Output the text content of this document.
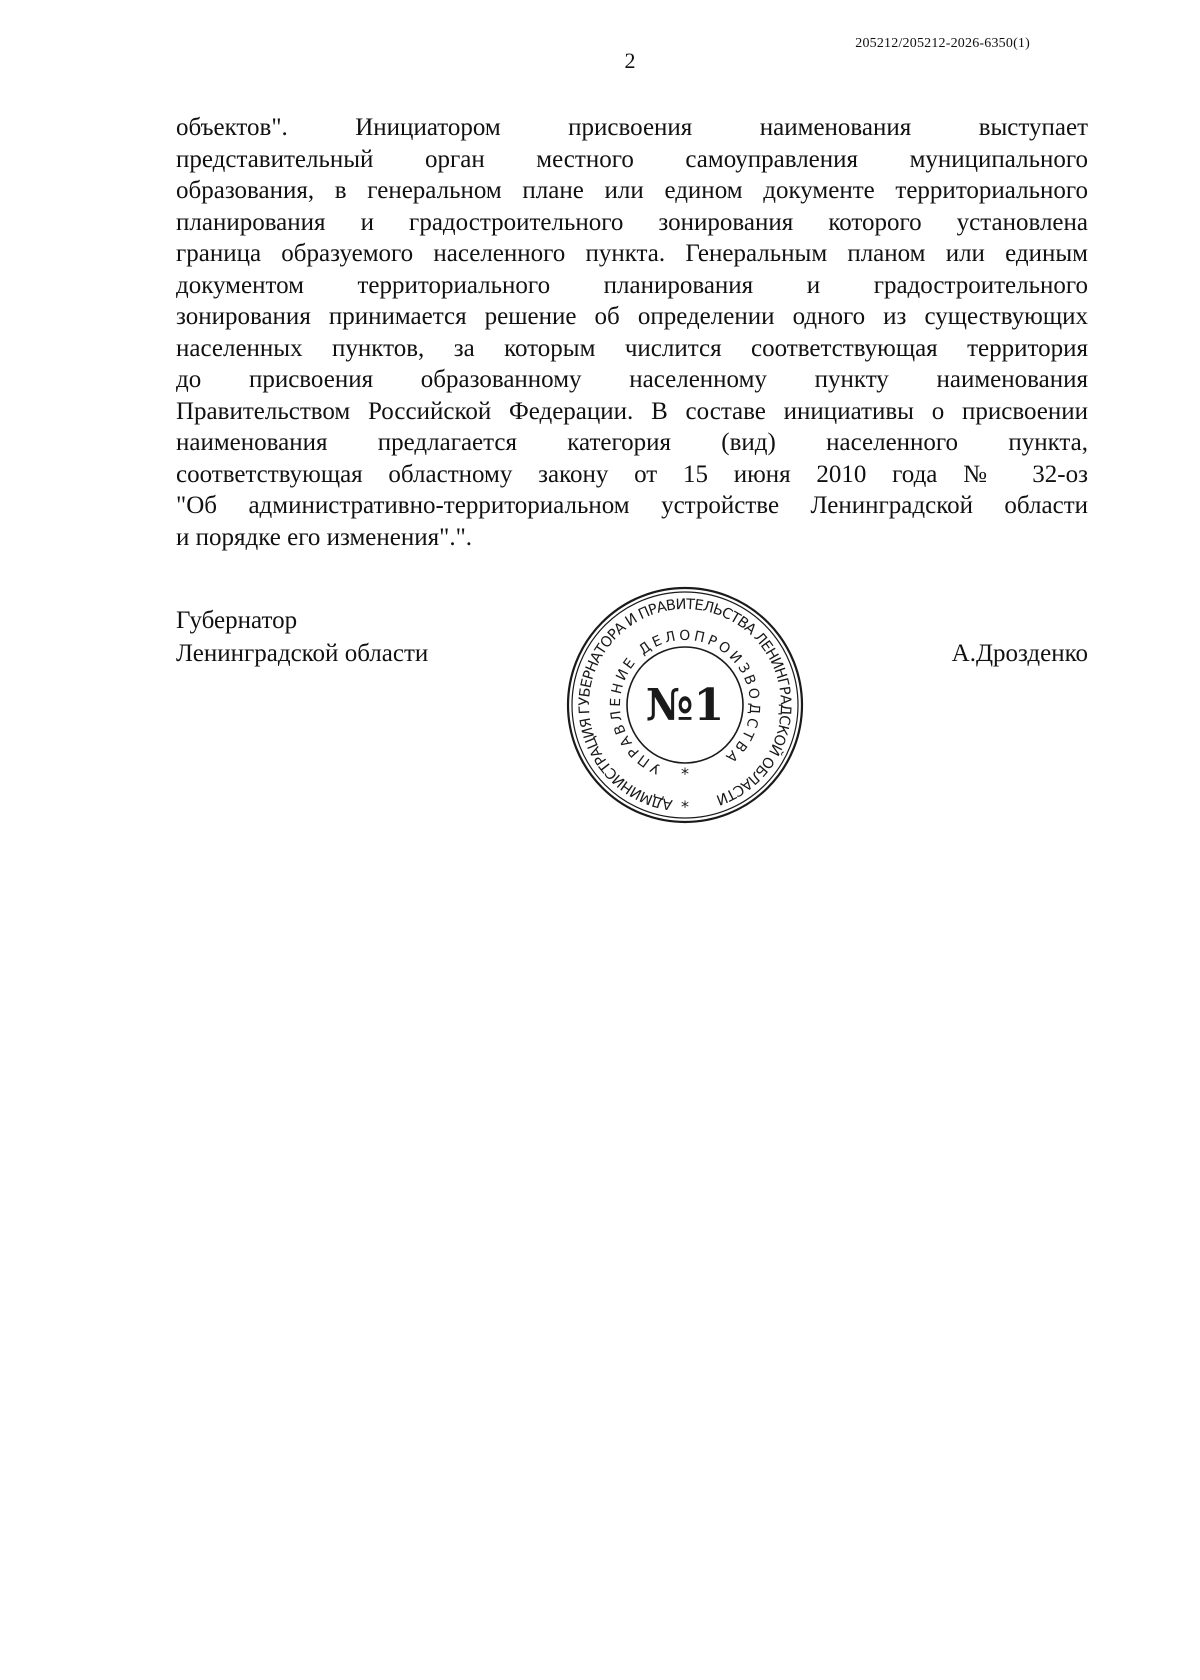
205212/205212-2026-6350(1)
2
объектов". Инициатором присвоения наименования выступает
представительный орган местного самоуправления муниципального
образования, в генеральном плане или едином документе территориального
планирования и градостроительного зонирования которого установлена
граница образуемого населенного пункта. Генеральным планом или единым
документом территориального планирования и градостроительного
зонирования принимается решение об определении одного из существующих
населенных пунктов, за которым числится соответствующая территория
до присвоения образованному населенному пункту наименования
Правительством Российской Федерации. В составе инициативы о присвоении
наименования предлагается категория (вид) населенного пункта,
соответствующая областному закону от 15 июня 2010 года № 32-оз
"Об административно-территориальном устройстве Ленинградской области
и порядке его изменения".".
Губернатор
Ленинградской области	А.Дрозденко
АДМИНИСТРАЦИЯ ГУБЕРНАТОРА И ПРАВИТЕЛЬСТВА ЛЕНИНГРАДСКОЙ ОБЛАСТИ
УПРАВЛЕНИЕ ДЕЛОПРОИЗВОДСТВА
№1
*
*
